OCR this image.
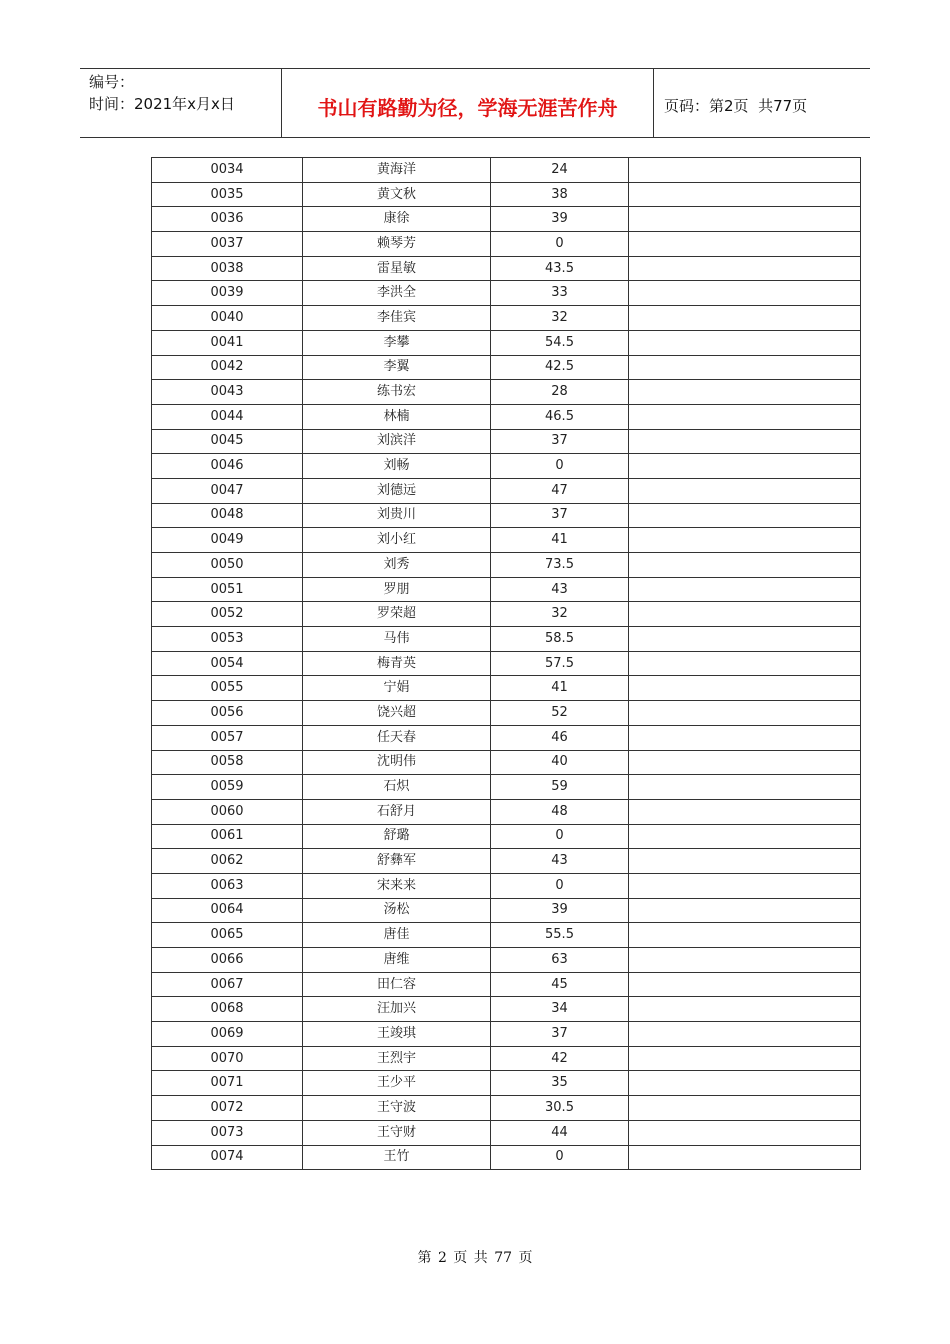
编号：
时间：2021年x月x日	书山有路勤为径，学海无涯苦作舟	页码：第2页  共77页
0034	黄海洋	24	
0035	黄文秋	38	
0036	康徐	39	
0037	赖琴芳	0	
0038	雷星敏	43.5	
0039	李洪全	33	
0040	李佳宾	32	
0041	李攀	54.5	
0042	李翼	42.5	
0043	练书宏	28	
0044	林楠	46.5	
0045	刘滨洋	37	
0046	刘畅	0	
0047	刘德远	47	
0048	刘贵川	37	
0049	刘小红	41	
0050	刘秀	73.5	
0051	罗朋	43	
0052	罗荣超	32	
0053	马伟	58.5	
0054	梅青英	57.5	
0055	宁娟	41	
0056	饶兴超	52	
0057	任天春	46	
0058	沈明伟	40	
0059	石炽	59	
0060	石舒月	48	
0061	舒璐	0	
0062	舒彝军	43	
0063	宋来来	0	
0064	汤松	39	
0065	唐佳	55.5	
0066	唐维	63	
0067	田仁容	45	
0068	汪加兴	34	
0069	王竣琪	37	
0070	王烈宇	42	
0071	王少平	35	
0072	王守波	30.5	
0073	王守财	44	
0074	王竹	0	
第 2 页 共 77 页
